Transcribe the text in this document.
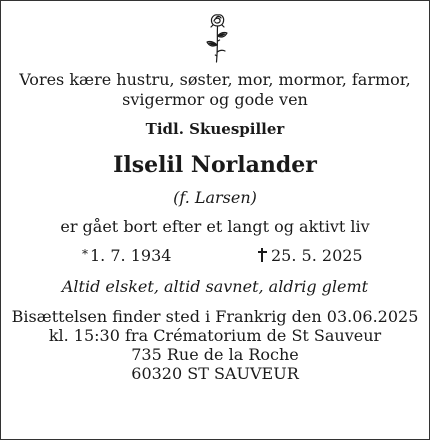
Vores kære hustru, søster, mor, mormor, farmor,
svigermor og gode ven
Tidl. Skuespiller
Ilselil Norlander
(f. Larsen)
er gået bort efter et langt og aktivt liv
* 1. 7. 1934	25. 5. 2025
Altid elsket, altid savnet, aldrig glemt
Bisættelsen finder sted i Frankrig den 03.06.2025
kl. 15:30 fra Crématorium de St Sauveur
735 Rue de la Roche
60320 ST SAUVEUR
